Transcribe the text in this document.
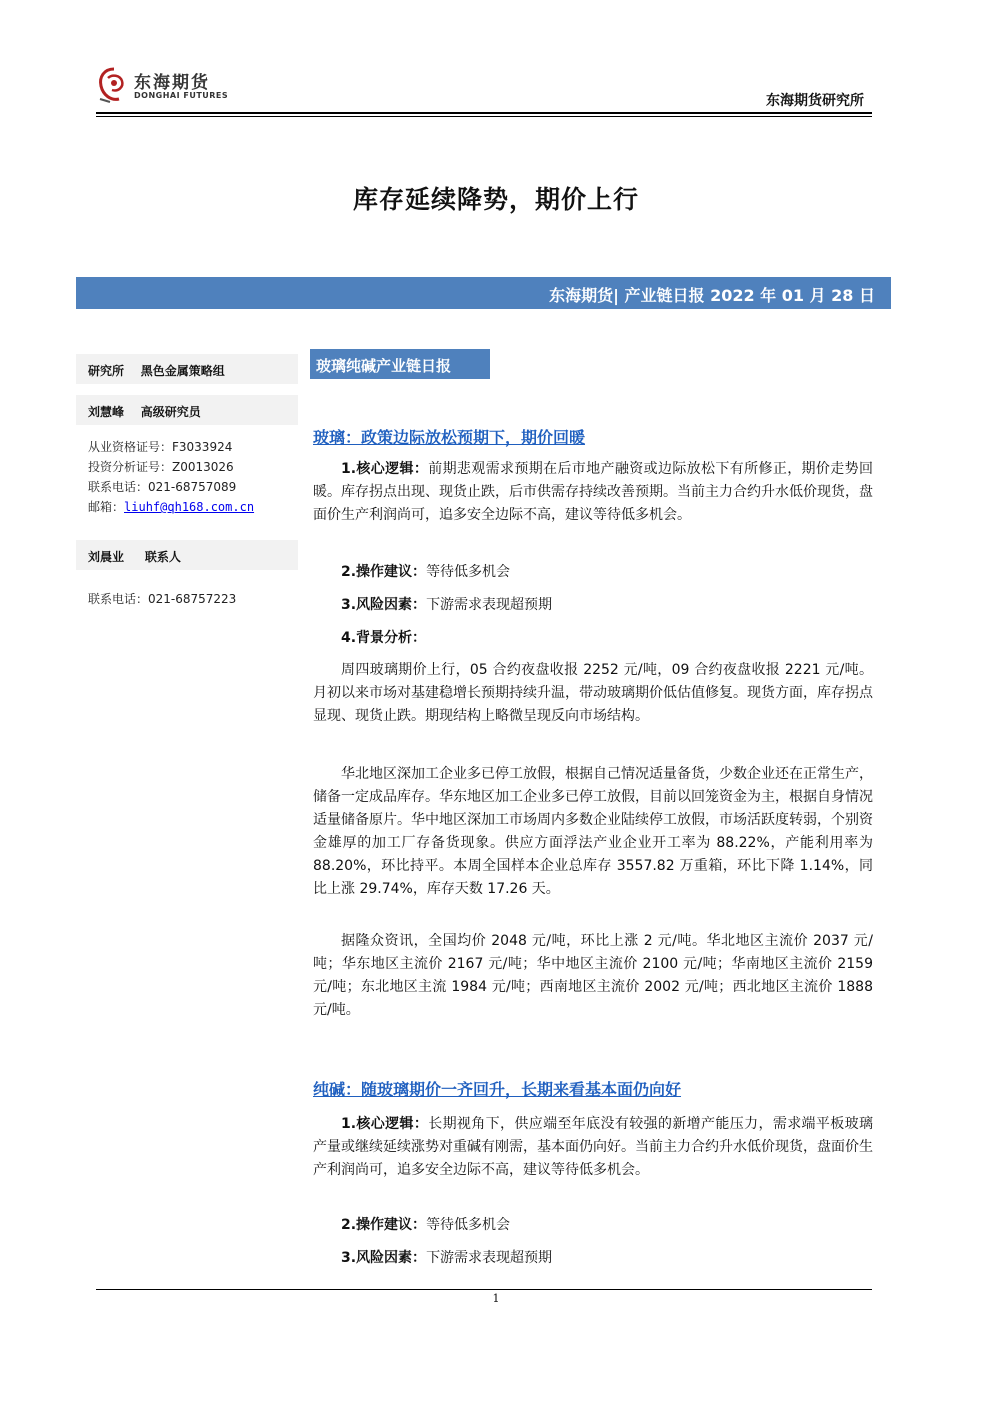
东海期货
DONGHAI FUTURES	东海期货研究所
库存延续降势，期价上行
东海期货| 产业链日报 2022 年 01 月 28 日
研究所    黑色金属策略组
刘慧峰    高级研究员
从业资格证号：F3033924
投资分析证号：Z0013026
联系电话：021-68757089
邮箱：liuhf@qh168.com.cn
刘晨业     联系人
联系电话：021-68757223
玻璃纯碱产业链日报
玻璃：政策边际放松预期下，期价回暖
1.核心逻辑：前期悲观需求预期在后市地产融资或边际放松下有所修正，期价走势回暖。库存拐点出现、现货止跌，后市供需存持续改善预期。当前主力合约升水低价现货，盘面价生产利润尚可，追多安全边际不高，建议等待低多机会。
2.操作建议：等待低多机会
3.风险因素：下游需求表现超预期
4.背景分析：
周四玻璃期价上行，05 合约夜盘收报 2252 元/吨，09 合约夜盘收报 2221 元/吨。月初以来市场对基建稳增长预期持续升温，带动玻璃期价低估值修复。现货方面，库存拐点显现、现货止跌。期现结构上略微呈现反向市场结构。
华北地区深加工企业多已停工放假，根据自己情况适量备货，少数企业还在正常生产，储备一定成品库存。华东地区加工企业多已停工放假，目前以回笼资金为主，根据自身情况适量储备原片。华中地区深加工市场周内多数企业陆续停工放假，市场活跃度转弱，个别资金雄厚的加工厂存备货现象。供应方面浮法产业企业开工率为 88.22%，产能利用率为 88.20%，环比持平。本周全国样本企业总库存 3557.82 万重箱，环比下降 1.14%，同比上涨 29.74%，库存天数 17.26 天。
据隆众资讯，全国均价 2048 元/吨，环比上涨 2 元/吨。华北地区主流价 2037 元/吨；华东地区主流价 2167 元/吨；华中地区主流价 2100 元/吨；华南地区主流价 2159 元/吨；东北地区主流 1984 元/吨；西南地区主流价 2002 元/吨；西北地区主流价 1888 元/吨。
纯碱：随玻璃期价一齐回升，长期来看基本面仍向好
1.核心逻辑：长期视角下，供应端至年底没有较强的新增产能压力，需求端平板玻璃产量或继续延续涨势对重碱有刚需，基本面仍向好。当前主力合约升水低价现货，盘面价生产利润尚可，追多安全边际不高，建议等待低多机会。
2.操作建议：等待低多机会
3.风险因素：下游需求表现超预期
1
